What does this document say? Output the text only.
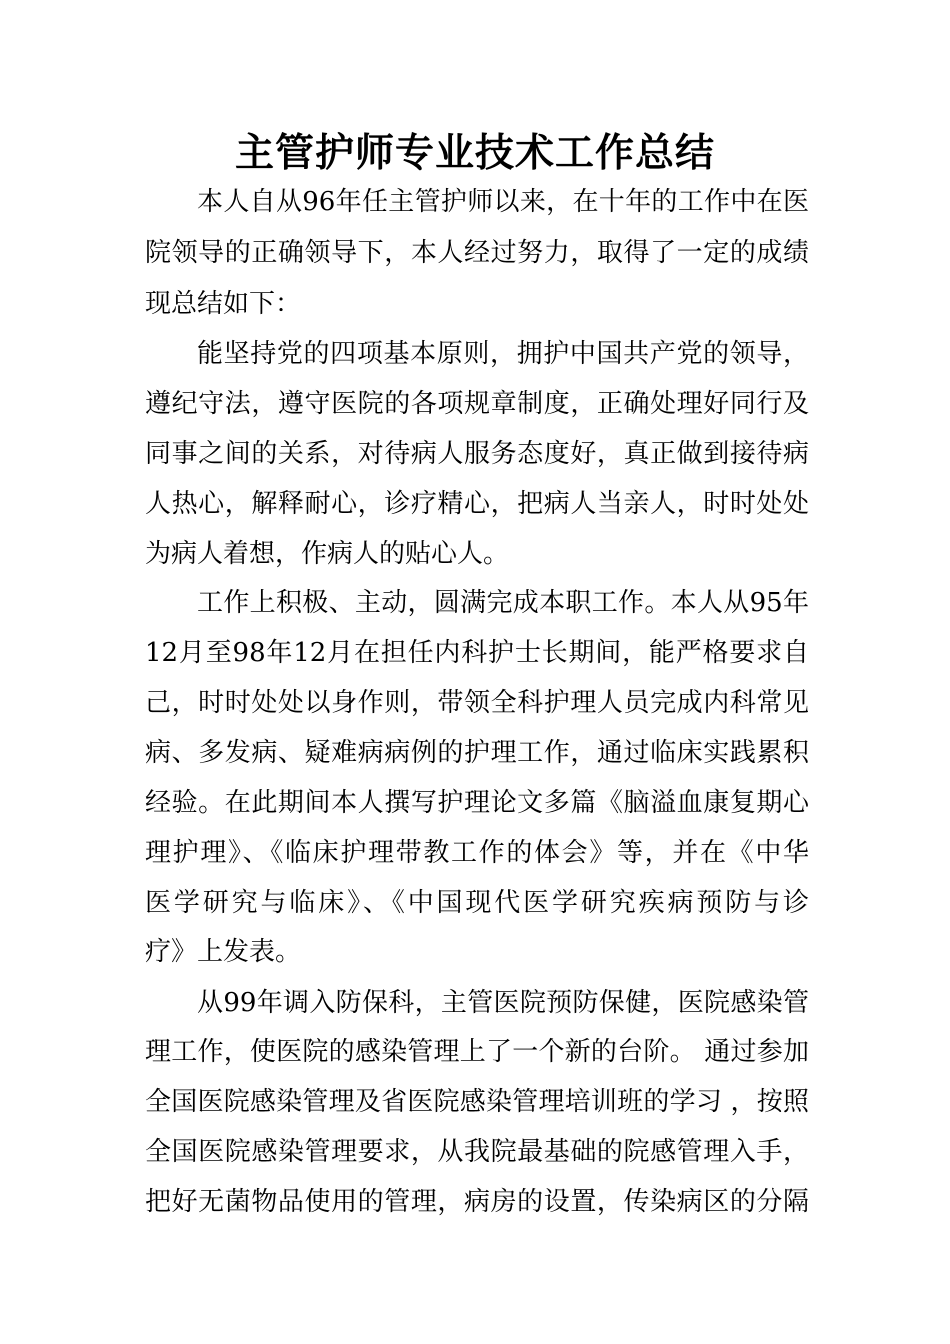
主管护师专业技术工作总结
本人自从96年任主管护师以来，在十年的工作中在医
院领导的正确领导下，本人经过努力，取得了一定的成绩
现总结如下：
能坚持党的四项基本原则，拥护中国共产党的领导，
遵纪守法，遵守医院的各项规章制度，正确处理好同行及
同事之间的关系，对待病人服务态度好，真正做到接待病
人热心，解释耐心，诊疗精心，把病人当亲人，时时处处
为病人着想，作病人的贴心人。
工作上积极、主动，圆满完成本职工作。本人从95年
12月至98年12月在担任内科护士长期间，能严格要求自
己，时时处处以身作则，带领全科护理人员完成内科常见
病、多发病、疑难病病例的护理工作，通过临床实践累积
经验。在此期间本人撰写护理论文多篇《脑溢血康复期心
理护理》、《临床护理带教工作的体会》等，并在《中华
医学研究与临床》、《中国现代医学研究疾病预防与诊
疗》上发表。
从99年调入防保科，主管医院预防保健，医院感染管
理工作，使医院的感染管理上了一个新的台阶。 通过参加
全国医院感染管理及省医院感染管理培训班的学习 ，按照
全国医院感染管理要求，从我院最基础的院感管理入手，
把好无菌物品使用的管理，病房的设置，传染病区的分隔
